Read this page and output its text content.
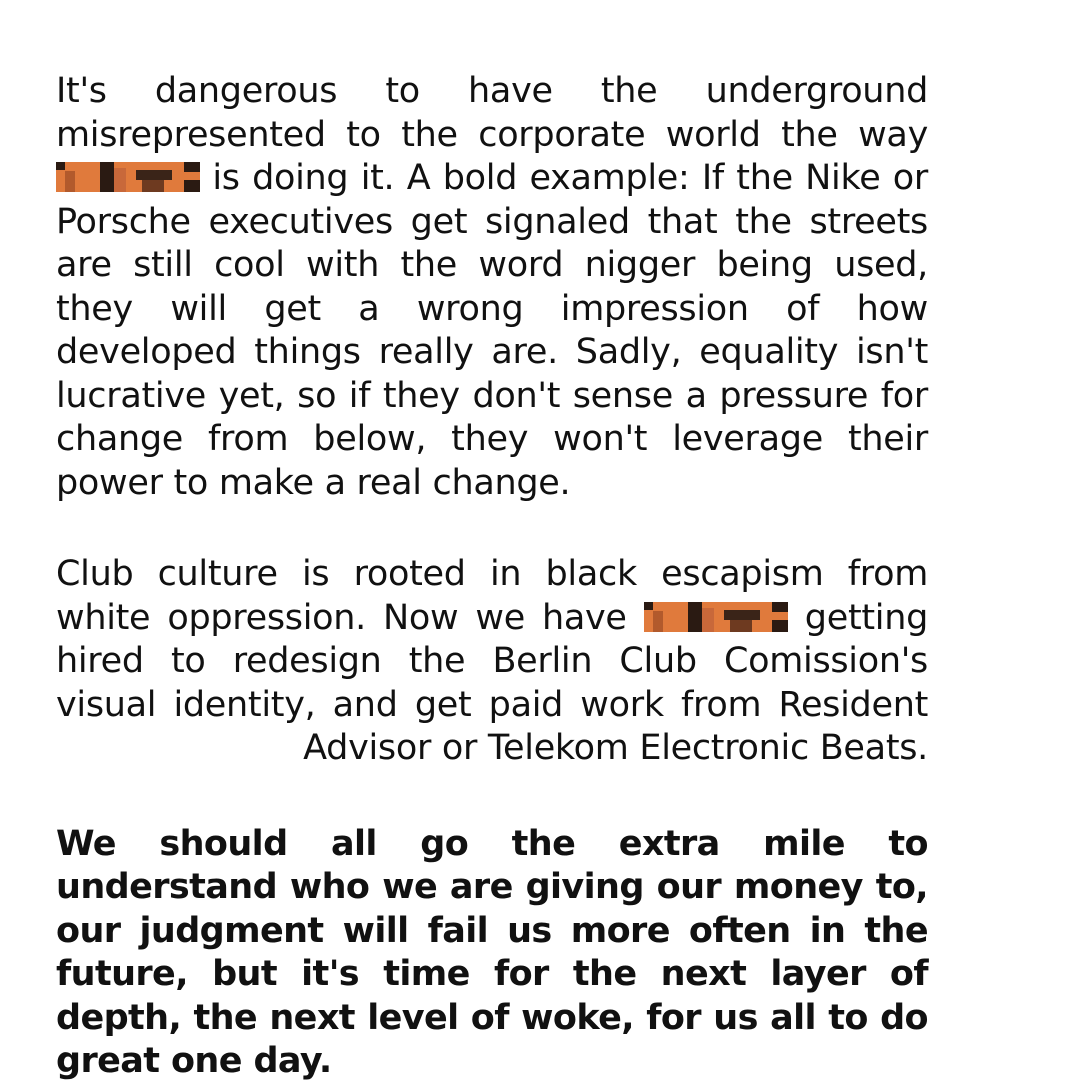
It's dangerous to have the underground misrepresented to the corporate world the way
is doing it. A bold example: If the Nike or Porsche executives get signaled that the streets are still cool with the word nigger being used, they will get a wrong impression of how developed things really are. Sadly, equality isn't lucrative yet, so if they don't sense a pressure for change from below, they won't leverage their power to make a real change.

Club culture is rooted in black escapism from white oppression. Now we have	getting hired to redesign the Berlin Club Comission's visual identity, and get paid work from Resident Advisor or Telekom Electronic Beats.

We should all go the extra mile to understand who we are giving our money to, our judgment will fail us more often in the future, but it's time for the next layer of depth, the next level of woke, for us all to do great one day.
